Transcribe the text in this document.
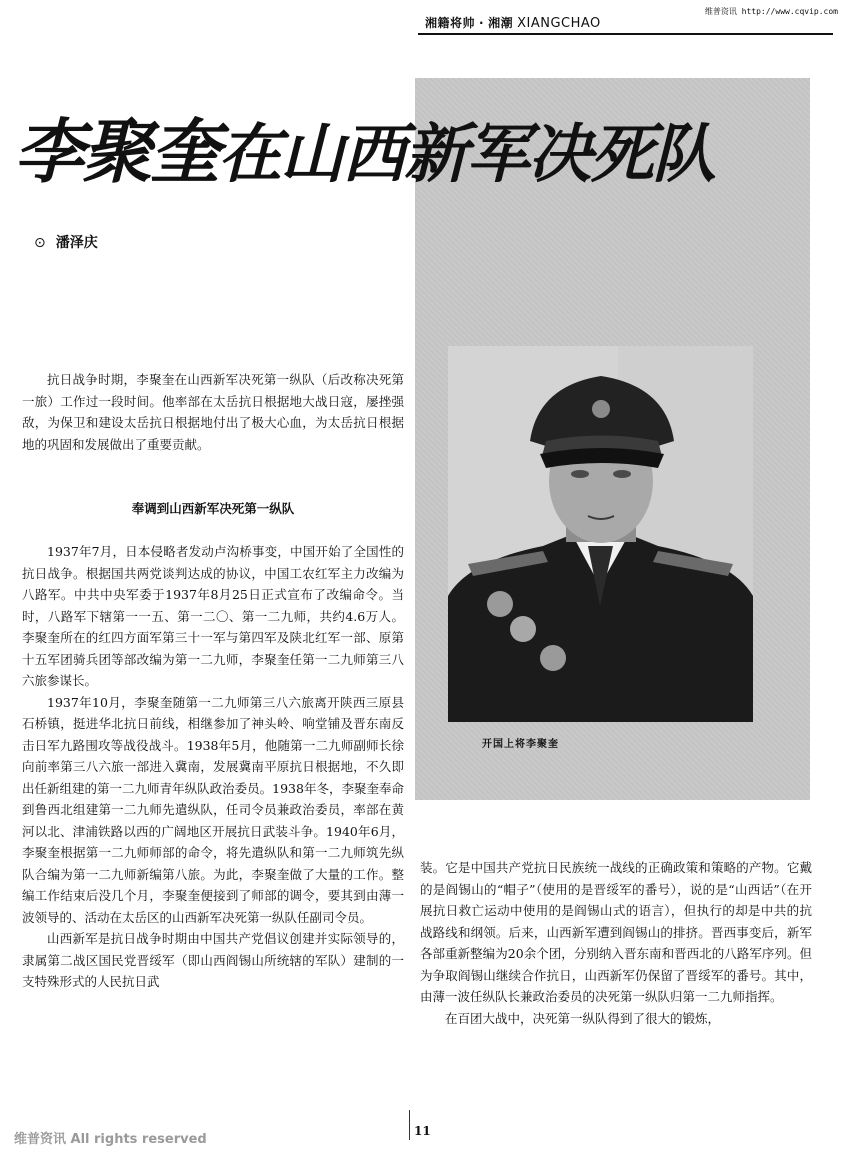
湘籍将帅 · 湘潮 XIANGCHAO
维普资讯 http://www.cqvip.com
李聚奎在山西新军决死队
⊙ 潘泽庆

抗日战争时期，李聚奎在山西新军决死第一纵队（后改称决死第一旅）工作过一段时间。他率部在太岳抗日根据地大战日寇，屡挫强敌，为保卫和建设太岳抗日根据地付出了极大心血，为太岳抗日根据地的巩固和发展做出了重要贡献。

奉调到山西新军决死第一纵队

1937年7月，日本侵略者发动卢沟桥事变，中国开始了全国性的抗日战争。根据国共两党谈判达成的协议，中国工农红军主力改编为八路军。中共中央军委于1937年8月25日正式宣布了改编命令。当时，八路军下辖第一一五、第一二〇、第一二九师，共约4.6万人。李聚奎所在的红四方面军第三十一军与第四军及陕北红军一部、原第十五军团骑兵团等部改编为第一二九师，李聚奎任第一二九师第三八六旅参谋长。

1937年10月，李聚奎随第一二九师第三八六旅离开陕西三原县石桥镇，挺进华北抗日前线，相继参加了神头岭、响堂铺及晋东南反击日军九路围攻等战役战斗。1938年5月，他随第一二九师副师长徐向前率第三八六旅一部进入冀南，发展冀南平原抗日根据地，不久即出任新组建的第一二九师青年纵队政治委员。1938年冬，李聚奎奉命到鲁西北组建第一二九师先遣纵队，任司令员兼政治委员，率部在黄河以北、津浦铁路以西的广阔地区开展抗日武装斗争。1940年6月，李聚奎根据第一二九师师部的命令，将先遣纵队和第一二九师筑先纵队合编为第一二九师新编第八旅。为此，李聚奎做了大量的工作。整编工作结束后没几个月，李聚奎便接到了师部的调令，要其到由薄一波领导的、活动在太岳区的山西新军决死第一纵队任副司令员。

山西新军是抗日战争时期由中国共产党倡议创建并实际领导的，隶属第二战区国民党晋绥军（即山西阎锡山所统辖的军队）建制的一支特殊形式的人民抗日武

开国上将李聚奎

装。它是中国共产党抗日民族统一战线的正确政策和策略的产物。它戴的是阎锡山的“帽子”（使用的是晋绥军的番号），说的是“山西话”（在开展抗日救亡运动中使用的是阎锡山式的语言），但执行的却是中共的抗战路线和纲领。后来，山西新军遭到阎锡山的排挤。晋西事变后，新军各部重新整编为20余个团，分别纳入晋东南和晋西北的八路军序列。但为争取阎锡山继续合作抗日，山西新军仍保留了晋绥军的番号。其中，由薄一波任纵队长兼政治委员的决死第一纵队归第一二九师指挥。

在百团大战中，决死第一纵队得到了很大的锻炼，

维普资讯 All rights reserved
11
